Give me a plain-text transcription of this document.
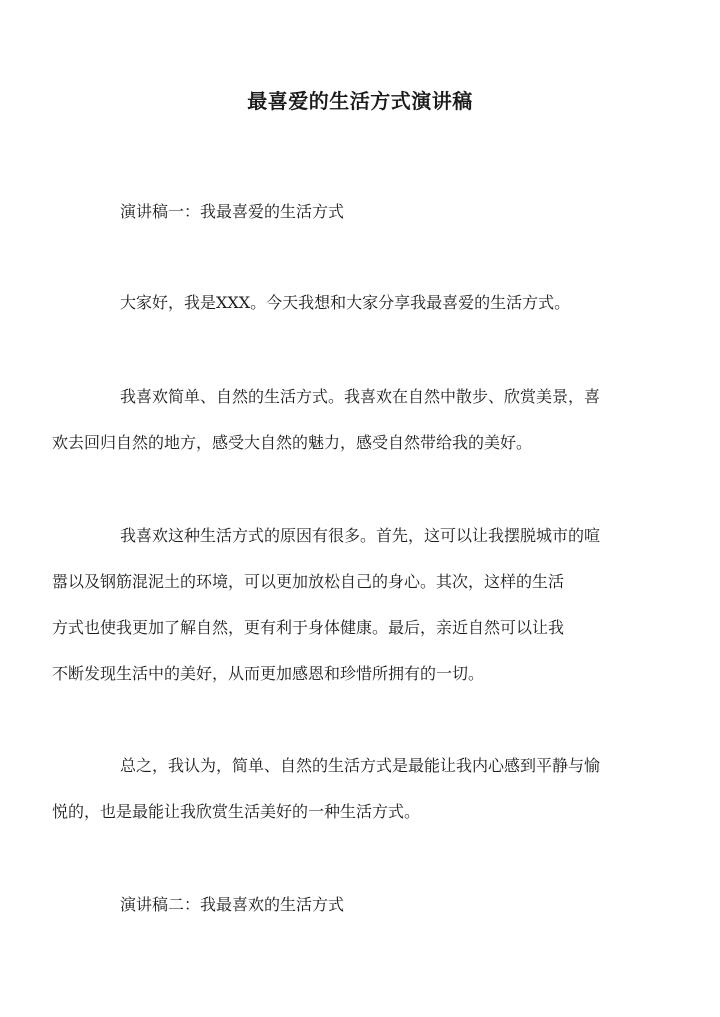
最喜爱的生活方式演讲稿

演讲稿一：我最喜爱的生活方式

大家好，我是XXX。今天我想和大家分享我最喜爱的生活方式。

我喜欢简单、自然的生活方式。我喜欢在自然中散步、欣赏美景，喜
欢去回归自然的地方，感受大自然的魅力，感受自然带给我的美好。

我喜欢这种生活方式的原因有很多。首先，这可以让我摆脱城市的喧
嚣以及钢筋混泥土的环境，可以更加放松自己的身心。其次，这样的生活
方式也使我更加了解自然，更有利于身体健康。最后，亲近自然可以让我
不断发现生活中的美好，从而更加感恩和珍惜所拥有的一切。

总之，我认为，简单、自然的生活方式是最能让我内心感到平静与愉
悦的，也是最能让我欣赏生活美好的一种生活方式。

演讲稿二：我最喜欢的生活方式
